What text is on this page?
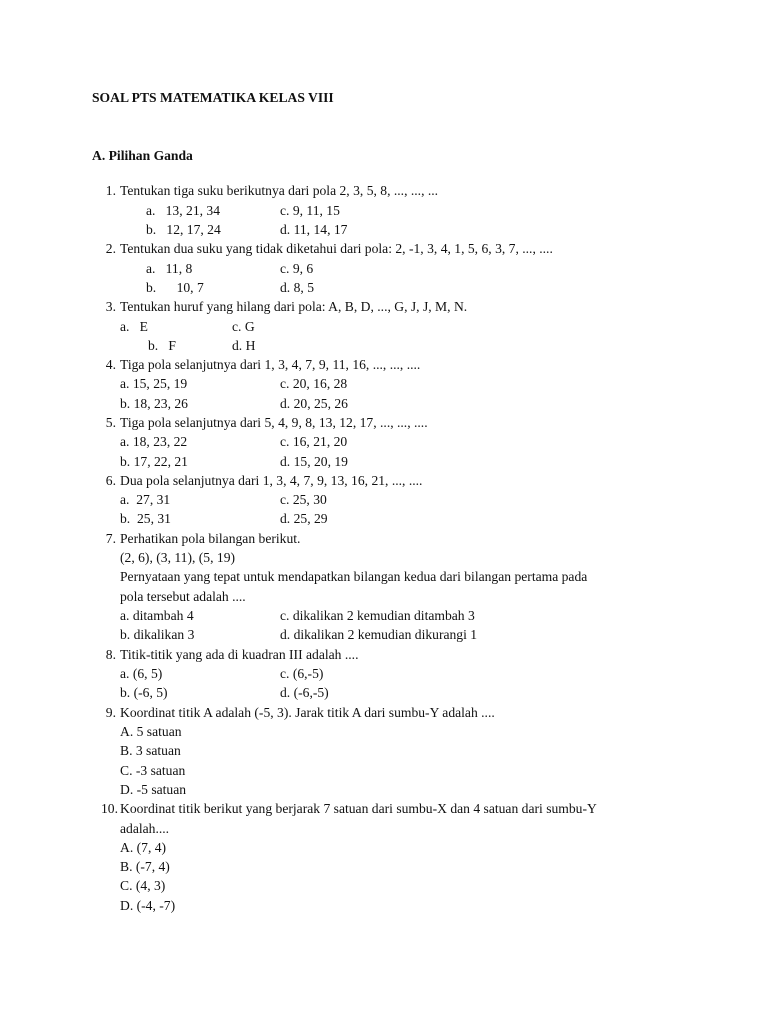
SOAL PTS MATEMATIKA KELAS VIII

A. Pilihan Ganda

1. Tentukan tiga suku berikutnya dari pola 2, 3, 5, 8, ..., ..., ...

a.   13, 21, 34	c. 9, 11, 15

b.   12, 17, 24	d. 11, 14, 17

2. Tentukan dua suku yang tidak diketahui dari pola: 2, -1, 3, 4, 1, 5, 6, 3, 7, ..., ....

a.   11, 8	c. 9, 6

b.      10, 7	d. 8, 5

3. Tentukan huruf yang hilang dari pola: A, B, D, ..., G, J, J, M, N.

a.   E	c. G

b.   F	d. H

4. Tiga pola selanjutnya dari 1, 3, 4, 7, 9, 11, 16, ..., ..., ....

a. 15, 25, 19	c. 20, 16, 28

b. 18, 23, 26	d. 20, 25, 26

5. Tiga pola selanjutnya dari 5, 4, 9, 8, 13, 12, 17, ..., ..., ....

a. 18, 23, 22	c. 16, 21, 20

b. 17, 22, 21	d. 15, 20, 19

6. Dua pola selanjutnya dari 1, 3, 4, 7, 9, 13, 16, 21, ..., ....

a.  27, 31	c. 25, 30

b.  25, 31	d. 25, 29

7. Perhatikan pola bilangan berikut.

(2, 6), (3, 11), (5, 19)

Pernyataan yang tepat untuk mendapatkan bilangan kedua dari bilangan pertama pada

pola tersebut adalah ....

a. ditambah 4	c. dikalikan 2 kemudian ditambah 3

b. dikalikan 3	d. dikalikan 2 kemudian dikurangi 1

8. Titik-titik yang ada di kuadran III adalah ....

a. (6, 5)	c. (6,-5)

b. (-6, 5)	d. (-6,-5)

9. Koordinat titik A adalah (-5, 3). Jarak titik A dari sumbu-Y adalah ....

A. 5 satuan

B. 3 satuan

C. -3 satuan

D. -5 satuan

10. Koordinat titik berikut yang berjarak 7 satuan dari sumbu-X dan 4 satuan dari sumbu-Y

adalah....

A. (7, 4)

B. (-7, 4)

C. (4, 3)

D. (-4, -7)
